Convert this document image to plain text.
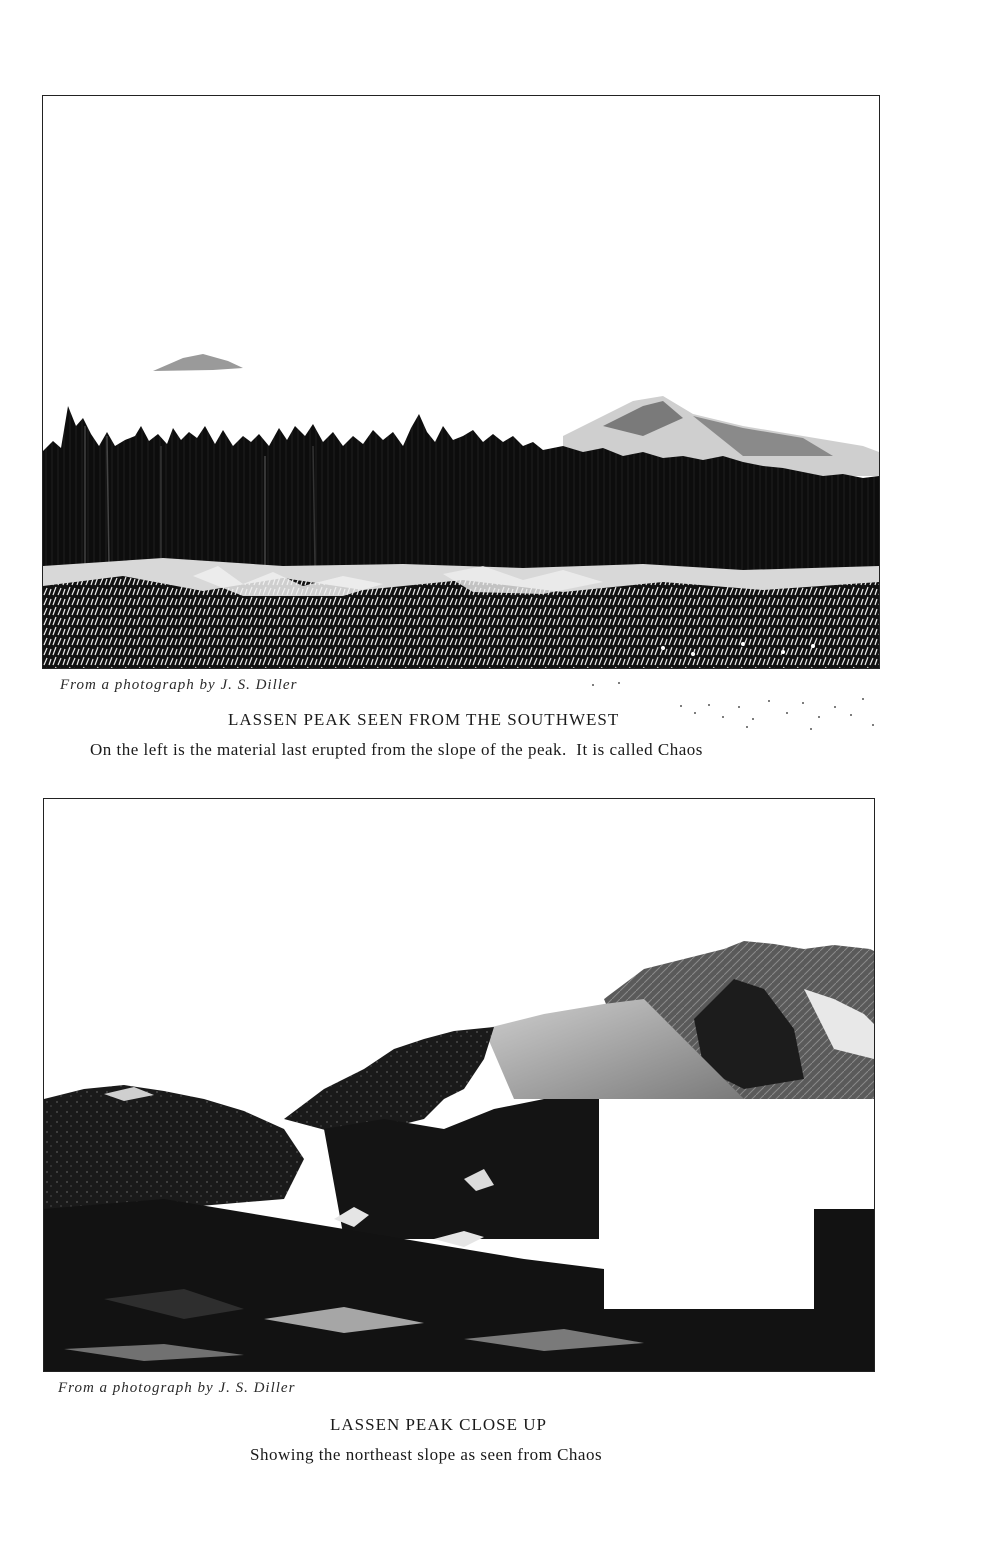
From a photograph by J. S. Diller
LASSEN PEAK SEEN FROM THE SOUTHWEST
On the left is the material last erupted from the slope of the peak.  It is called Chaos
From a photograph by J. S. Diller
LASSEN PEAK CLOSE UP
Showing the northeast slope as seen from Chaos
